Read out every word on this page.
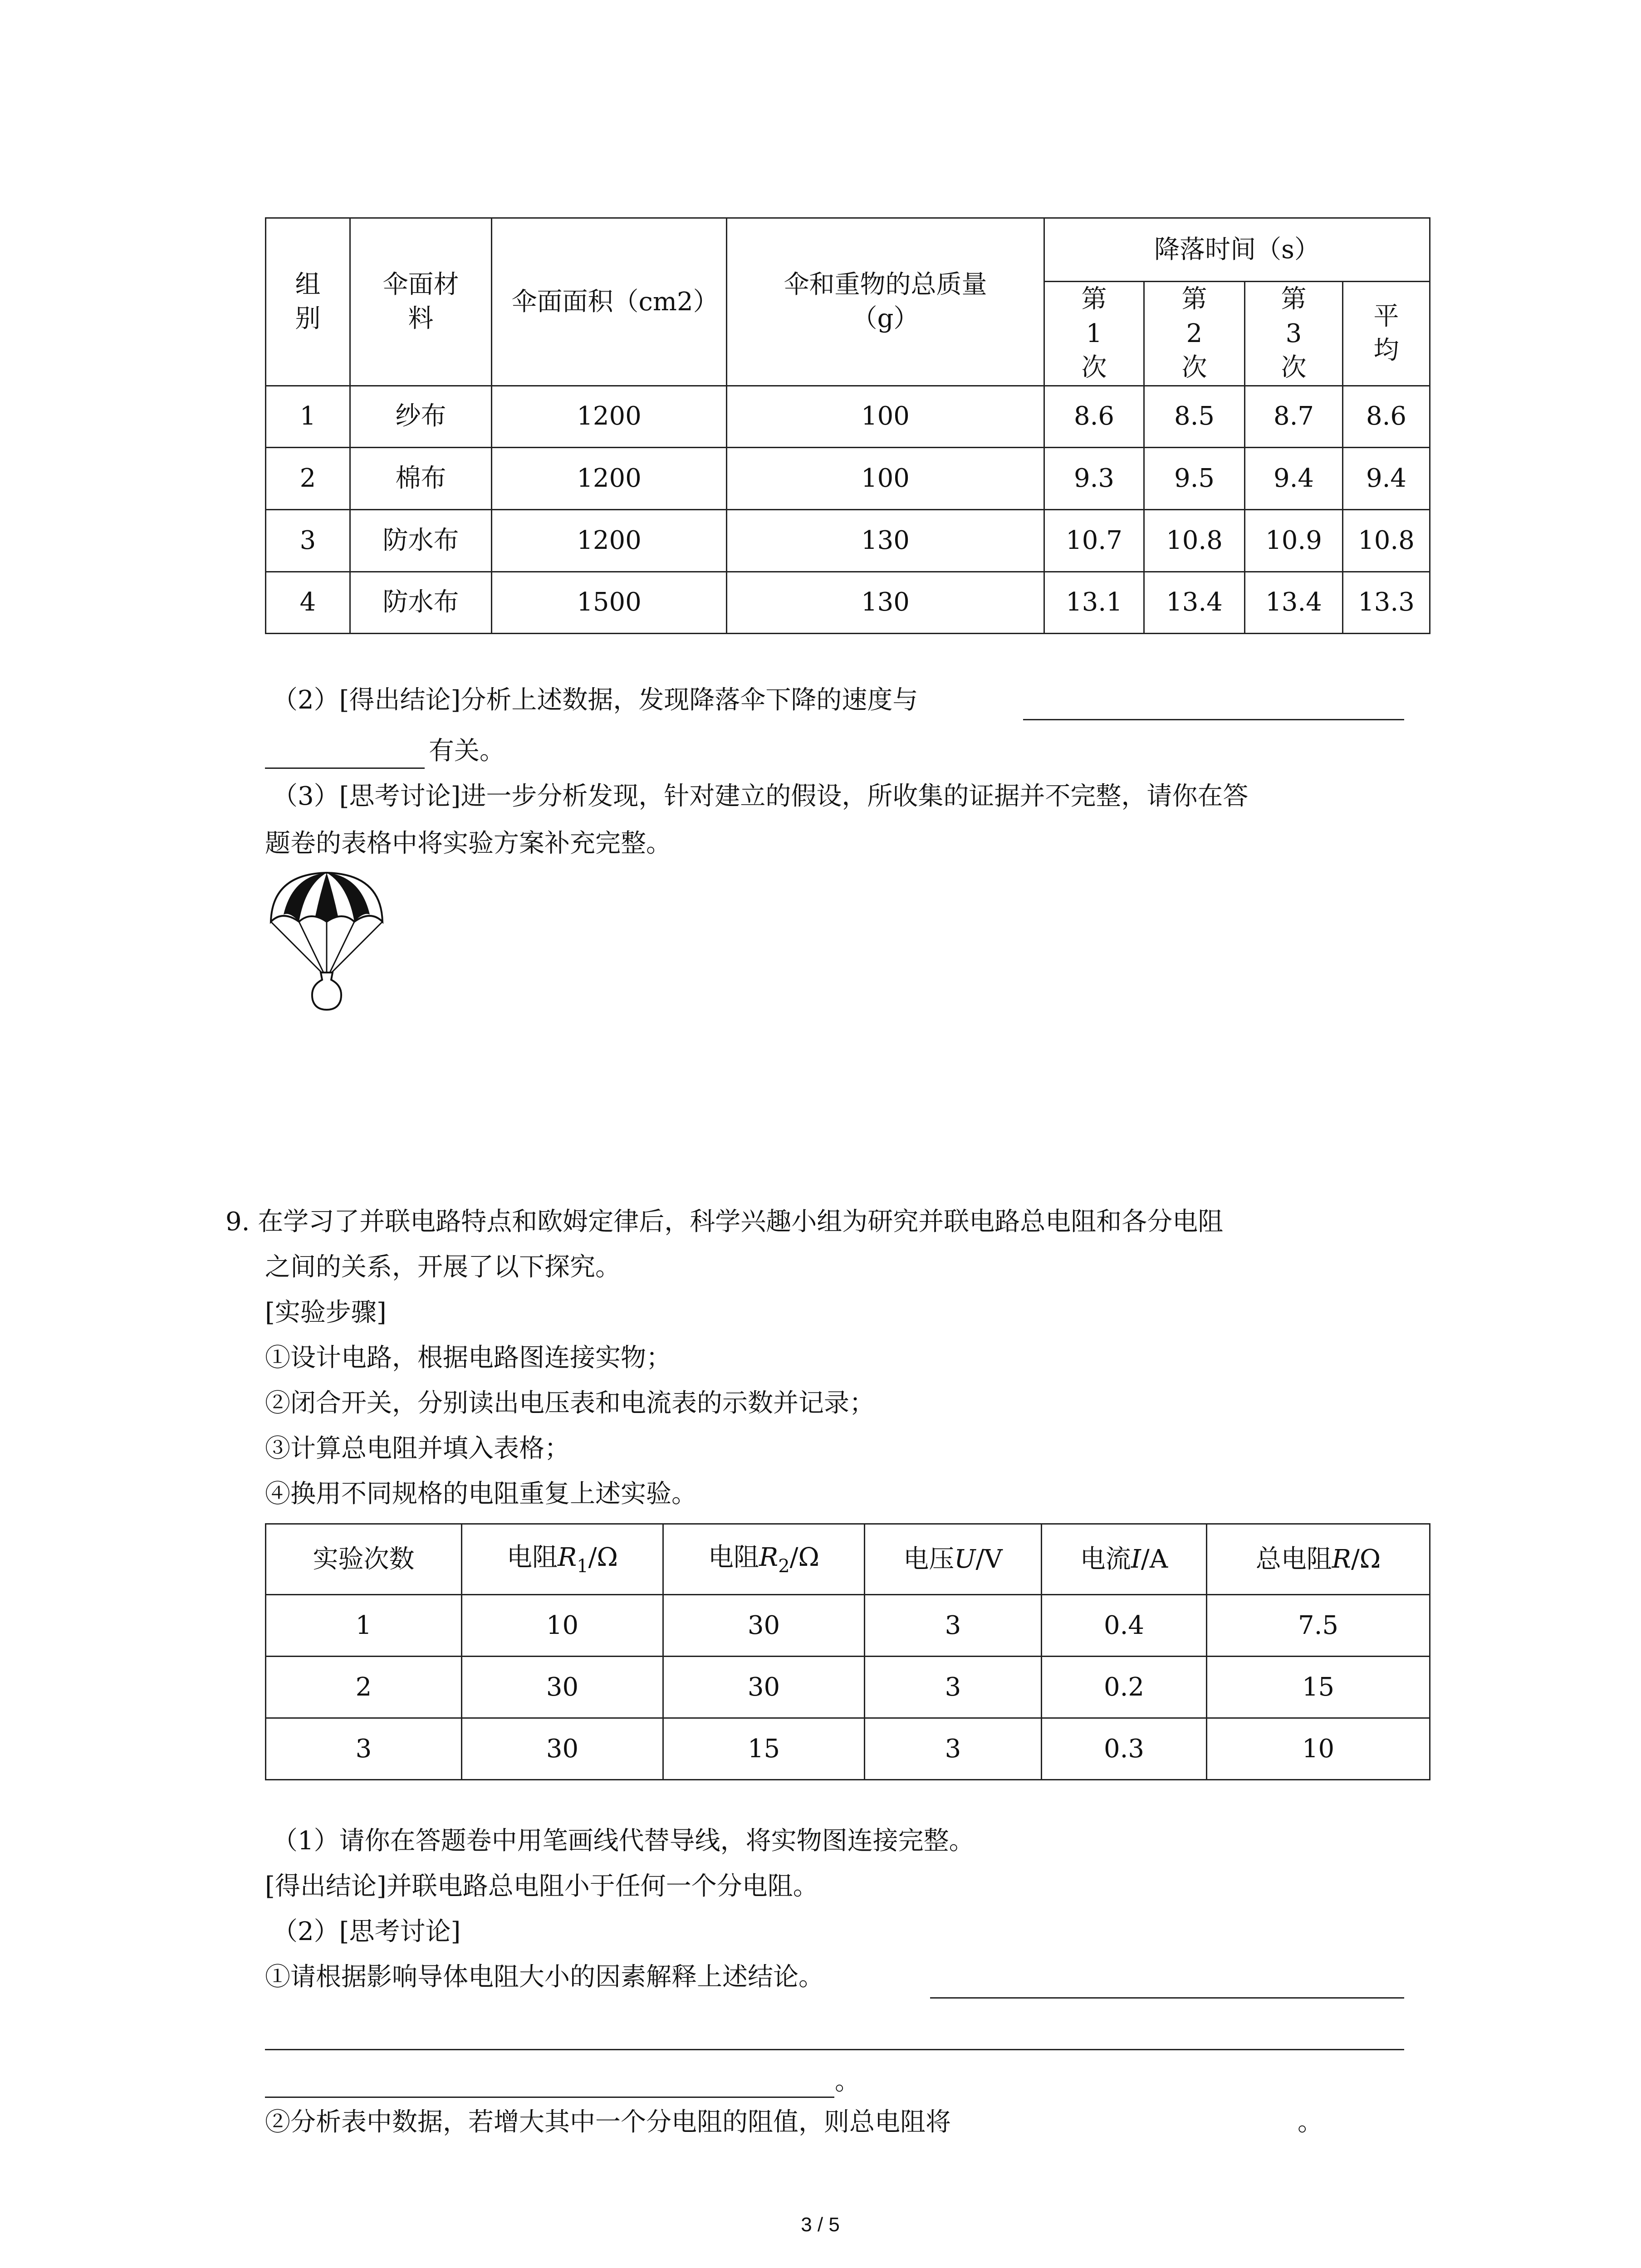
组别	伞面材料	伞面面积（cm2）	伞和重物的总质量（g）	降落时间（s）			

				第1次	第2次	第3次	平均

1	纱布	1200	100	8.6	8.5	8.7	8.6
2	棉布	1200	100	9.3	9.5	9.4	9.4
3	防水布	1200	130	10.7	10.8	10.9	10.8
4	防水布	1500	130	13.1	13.4	13.4	13.3
（2）[得出结论]分析上述数据，发现降落伞下降的速度与
有关。
（3）[思考讨论]进一步分析发现，针对建立的假设，所收集的证据并不完整，请你在答
题卷的表格中将实验方案补充完整。
9. 在学习了并联电路特点和欧姆定律后，科学兴趣小组为研究并联电路总电阻和各分电阻
之间的关系，开展了以下探究。
[实验步骤]
①设计电路，根据电路图连接实物；
②闭合开关，分别读出电压表和电流表的示数并记录；
③计算总电阻并填入表格；
④换用不同规格的电阻重复上述实验。
实验次数	电阻$R_1/\Omega$	电阻$R_2/\Omega$	电压U/V	电流I/A	总电阻R/Ω
1	10	30	3	0.4	7.5
2	30	30	3	0.2	15
3	30	15	3	0.3	10
（1）请你在答题卷中用笔画线代替导线，将实物图连接完整。
[得出结论]并联电路总电阻小于任何一个分电阻。
（2）[思考讨论]
①请根据影响导体电阻大小的因素解释上述结论。
。
②分析表中数据，若增大其中一个分电阻的阻值，则总电阻将	。
3 / 5
